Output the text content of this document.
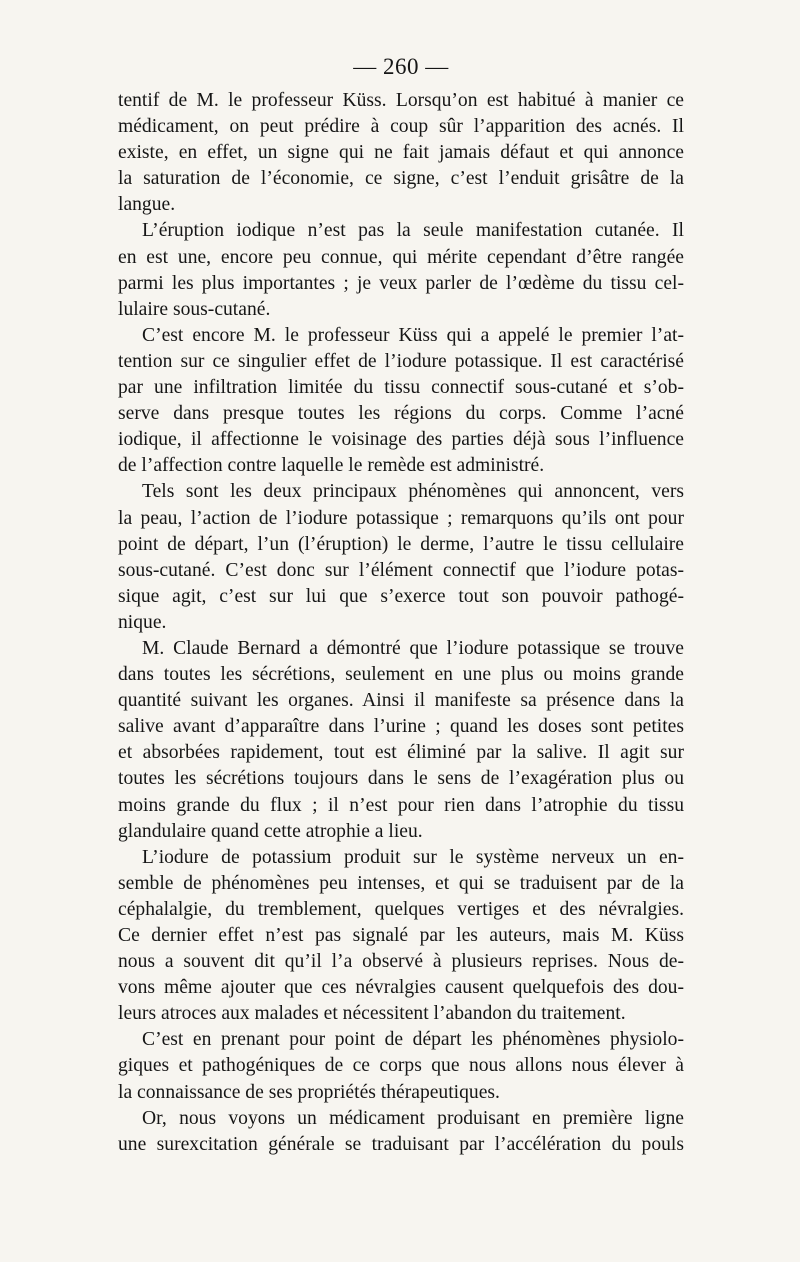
— 260 —
tentif de M. le professeur Küss. Lorsqu’on est habitué à manier ce
médicament, on peut prédire à coup sûr l’apparition des acnés. Il
existe, en effet, un signe qui ne fait jamais défaut et qui annonce
la saturation de l’économie, ce signe, c’est l’enduit grisâtre de la
langue.
L’éruption iodique n’est pas la seule manifestation cutanée. Il
en est une, encore peu connue, qui mérite cependant d’être rangée
parmi les plus importantes ; je veux parler de l’œdème du tissu cel-
lulaire sous-cutané.
C’est encore M. le professeur Küss qui a appelé le premier l’at-
tention sur ce singulier effet de l’iodure potassique. Il est caractérisé
par une infiltration limitée du tissu connectif sous-cutané et s’ob-
serve dans presque toutes les régions du corps. Comme l’acné
iodique, il affectionne le voisinage des parties déjà sous l’influence
de l’affection contre laquelle le remède est administré.
Tels sont les deux principaux phénomènes qui annoncent, vers
la peau, l’action de l’iodure potassique ; remarquons qu’ils ont pour
point de départ, l’un (l’éruption) le derme, l’autre le tissu cellulaire
sous-cutané. C’est donc sur l’élément connectif que l’iodure potas-
sique agit, c’est sur lui que s’exerce tout son pouvoir pathogé-
nique.
M. Claude Bernard a démontré que l’iodure potassique se trouve
dans toutes les sécrétions, seulement en une plus ou moins grande
quantité suivant les organes. Ainsi il manifeste sa présence dans la
salive avant d’apparaître dans l’urine ; quand les doses sont petites
et absorbées rapidement, tout est éliminé par la salive. Il agit sur
toutes les sécrétions toujours dans le sens de l’exagération plus ou
moins grande du flux ; il n’est pour rien dans l’atrophie du tissu
glandulaire quand cette atrophie a lieu.
L’iodure de potassium produit sur le système nerveux un en-
semble de phénomènes peu intenses, et qui se traduisent par de la
céphalalgie, du tremblement, quelques vertiges et des névralgies.
Ce dernier effet n’est pas signalé par les auteurs, mais M. Küss
nous a souvent dit qu’il l’a observé à plusieurs reprises. Nous de-
vons même ajouter que ces névralgies causent quelquefois des dou-
leurs atroces aux malades et nécessitent l’abandon du traitement.
C’est en prenant pour point de départ les phénomènes physiolo-
giques et pathogéniques de ce corps que nous allons nous élever à
la connaissance de ses propriétés thérapeutiques.
Or, nous voyons un médicament produisant en première ligne
une surexcitation générale se traduisant par l’accélération du pouls
